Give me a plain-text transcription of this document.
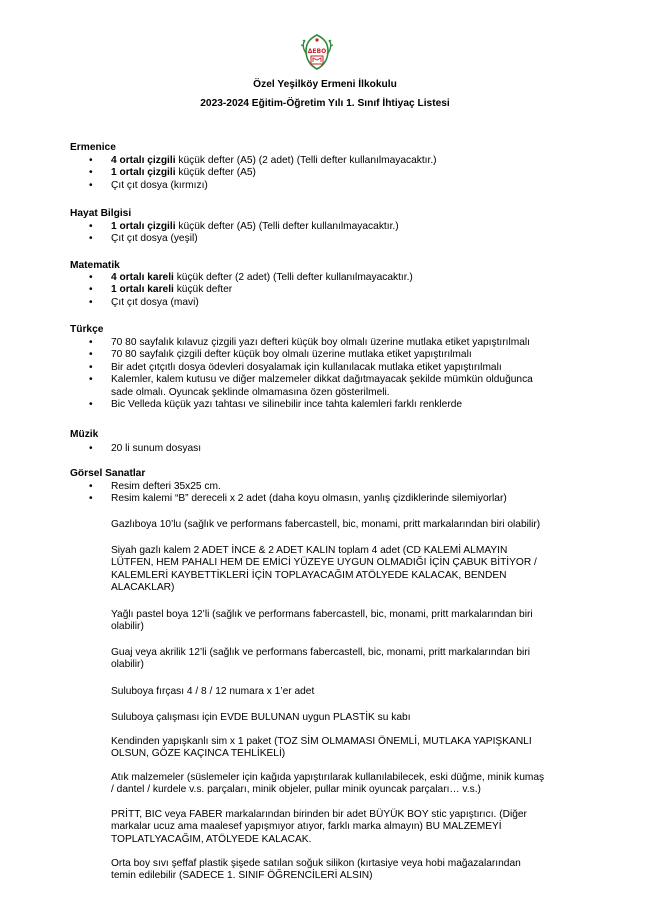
ΔΕΒΟ
Özel Yeşilköy Ermeni İlkokulu
2023-2024 Eğitim-Öğretim Yılı 1. Sınıf İhtiyaç Listesi
Ermenice
• 4 ortalı çizgili küçük defter (A5) (2 adet) (Telli defter kullanılmayacaktır.)
• 1 ortalı çizgili küçük defter (A5)
• Çıt çıt dosya (kırmızı)
Hayat Bilgisi
• 1 ortalı çizgili küçük defter (A5) (Telli defter kullanılmayacaktır.)
• Çıt çıt dosya (yeşil)
Matematik
• 4 ortalı kareli küçük defter (2 adet) (Telli defter kullanılmayacaktır.)
• 1 ortalı kareli küçük defter
• Çıt çıt dosya (mavi)
Türkçe
• 70 80 sayfalık kılavuz çizgili yazı defteri küçük boy olmalı üzerine mutlaka etiket yapıştırılmalı
• 70 80 sayfalık çizgili defter küçük boy olmalı üzerine mutlaka etiket yapıştırılmalı
• Bir adet çıtçıtlı dosya ödevleri dosyalamak için kullanılacak mutlaka etiket yapıştırılmalı
• Kalemler, kalem kutusu ve diğer malzemeler dikkat dağıtmayacak şekilde mümkün olduğunca
sade olmalı. Oyuncak şeklinde olmamasına özen gösterilmeli.
• Bic Velleda küçük yazı tahtası ve silinebilir ince tahta kalemleri farklı renklerde
Müzik
• 20 li sunum dosyası
Görsel Sanatlar
• Resim defteri 35x25 cm.
• Resim kalemi “B” dereceli x 2 adet (daha koyu olmasın, yanlış çizdiklerinde silemiyorlar)
Gazlıboya 10’lu (sağlık ve performans fabercastell, bic, monami, pritt markalarından biri olabilir)
Siyah gazlı kalem 2 ADET İNCE & 2 ADET KALIN toplam 4 adet (CD KALEMİ ALMAYIN
LÜTFEN, HEM PAHALI HEM DE EMİCİ YÜZEYE UYGUN OLMADIĞI İÇİN ÇABUK BİTİYOR /
KALEMLERİ KAYBETTİKLERİ İÇİN TOPLAYACAĞIM ATÖLYEDE KALACAK, BENDEN
ALACAKLAR)
Yağlı pastel boya 12’li (sağlık ve performans fabercastell, bic, monami, pritt markalarından biri
olabilir)
Guaj veya akrilik 12’li (sağlık ve performans fabercastell, bic, monami, pritt markalarından biri
olabilir)
Suluboya fırçası 4 / 8 / 12 numara x 1’er adet
Suluboya çalışması için EVDE BULUNAN uygun PLASTİK su kabı
Kendinden yapışkanlı sim x 1 paket (TOZ SİM OLMAMASI ÖNEMLİ, MUTLAKA YAPIŞKANLI
OLSUN, GÖZE KAÇINCA TEHLİKELİ)
Atık malzemeler (süslemeler için kağıda yapıştırılarak kullanılabilecek, eski düğme, minik kumaş
/ dantel / kurdele v.s. parçaları, minik objeler, pullar minik oyuncak parçaları… v.s.)
PRİTT, BIC veya FABER markalarından birinden bir adet BÜYÜK BOY stic yapıştırıcı. (Diğer
markalar ucuz ama maalesef yapışmıyor atıyor, farklı marka almayın) BU MALZEMEYİ
TOPLATLYACAĞIM, ATÖLYEDE KALACAK.
Orta boy sıvı şeffaf plastik şişede satılan soğuk silikon (kırtasiye veya hobi mağazalarından
temin edilebilir (SADECE 1. SINIF ÖĞRENCİLERİ ALSIN)
